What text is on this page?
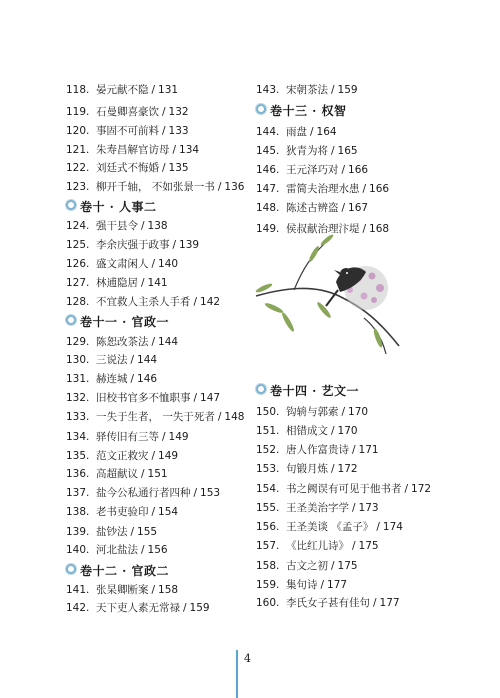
118. 晏元献不隐 / 131
119. 石曼卿喜豪饮 / 132
120. 事固不可前料 / 133
121. 朱寿昌解官访母 / 134
122. 刘廷式不悔婚 / 135
123. 柳开千轴， 不如张景一书 / 136
卷十 · 人事二
124. 强干县令 / 138
125. 李余庆强于政事 / 139
126. 盛文肃闲人 / 140
127. 林逋隐居 / 141
128. 不宜救人主杀人手肴 / 142
卷十一 · 官政一
129. 陈恕改茶法 / 144
130. 三说法 / 144
131. 赫连城 / 146
132. 旧校书官多不恤职事 / 147
133. 一失于生者， 一失于死者 / 148
134. 驿传旧有三等 / 149
135. 范文正救灾 / 149
136. 高超献议 / 151
137. 盐今公私通行者四种 / 153
138. 老书吏验印 / 154
139. 盐钞法 / 155
140. 河北盐法 / 156
卷十二 · 官政二
141. 张杲卿断案 / 158
142. 天下吏人素无常禄 / 159
143. 宋朝茶法 / 159
卷十三 · 权智
144. 雨盘 / 164
145. 狄青为将 / 165
146. 王元泽巧对 / 166
147. 雷简夫治理水患 / 166
148. 陈述古辨盗 / 167
149. 侯叔献治理汴堤 / 168
卷十四 · 艺文一
150. 钩辀与郭索 / 170
151. 相错成文 / 170
152. 唐人作富贵诗 / 171
153. 句锻月炼 / 172
154. 书之阙误有可见于他书者 / 172
155. 王圣美治字学 / 173
156. 王圣美谈 《孟子》 / 174
157. 《比红儿诗》 / 175
158. 古文之初 / 175
159. 集句诗 / 177
160. 李氏女子甚有佳句 / 177
4
